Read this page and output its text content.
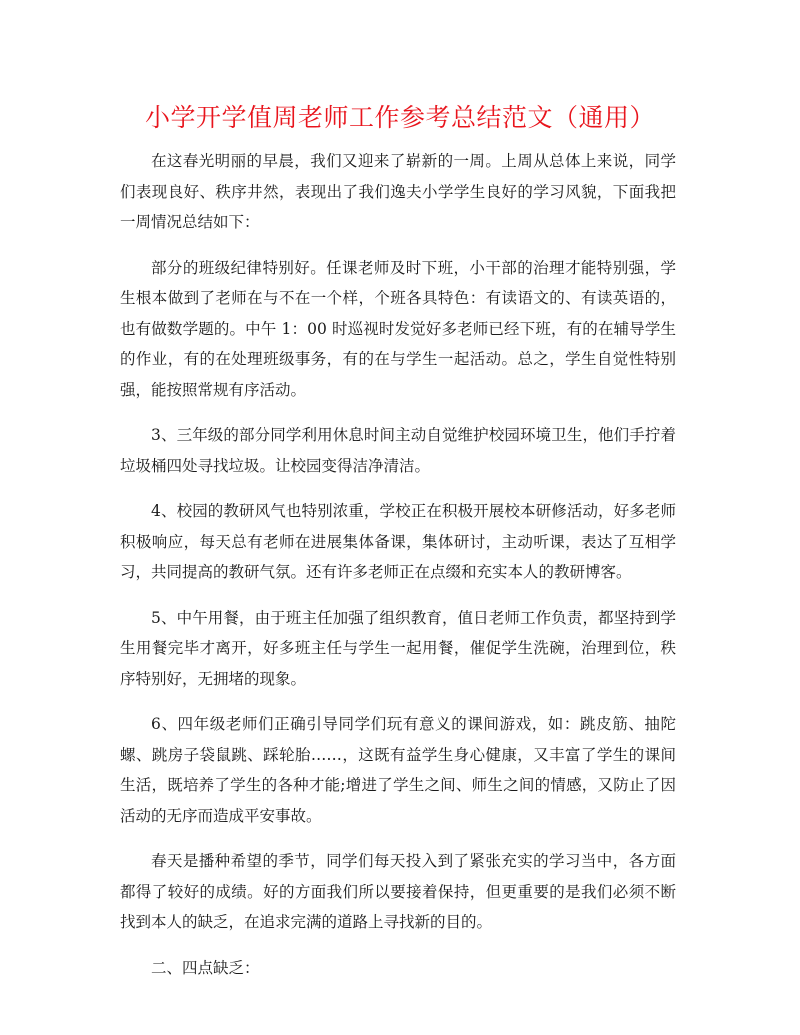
小学开学值周老师工作参考总结范文（通用）

在这春光明丽的早晨，我们又迎来了崭新的一周。上周从总体上来说，同学们表现良好、秩序井然，表现出了我们逸夫小学学生良好的学习风貌，下面我把一周情况总结如下：

部分的班级纪律特别好。任课老师及时下班，小干部的治理才能特别强，学生根本做到了老师在与不在一个样，个班各具特色：有读语文的、有读英语的，也有做数学题的。中午 1：00 时巡视时发觉好多老师已经下班，有的在辅导学生的作业，有的在处理班级事务，有的在与学生一起活动。总之，学生自觉性特别强，能按照常规有序活动。

3、三年级的部分同学利用休息时间主动自觉维护校园环境卫生，他们手拧着垃圾桶四处寻找垃圾。让校园变得洁净清洁。

4、校园的教研风气也特别浓重，学校正在积极开展校本研修活动，好多老师积极响应，每天总有老师在进展集体备课，集体研讨，主动听课，表达了互相学习，共同提高的教研气氛。还有许多老师正在点缀和充实本人的教研博客。

5、中午用餐，由于班主任加强了组织教育，值日老师工作负责，都坚持到学生用餐完毕才离开，好多班主任与学生一起用餐，催促学生洗碗，治理到位，秩序特别好，无拥堵的现象。

6、四年级老师们正确引导同学们玩有意义的课间游戏，如：跳皮筋、抽陀螺、跳房子袋鼠跳、踩轮胎……，这既有益学生身心健康，又丰富了学生的课间生活，既培养了学生的各种才能;增进了学生之间、师生之间的情感，又防止了因活动的无序而造成平安事故。

春天是播种希望的季节，同学们每天投入到了紧张充实的学习当中，各方面都得了较好的成绩。好的方面我们所以要接着保持，但更重要的是我们必须不断找到本人的缺乏，在追求完满的道路上寻找新的目的。

二、四点缺乏：
